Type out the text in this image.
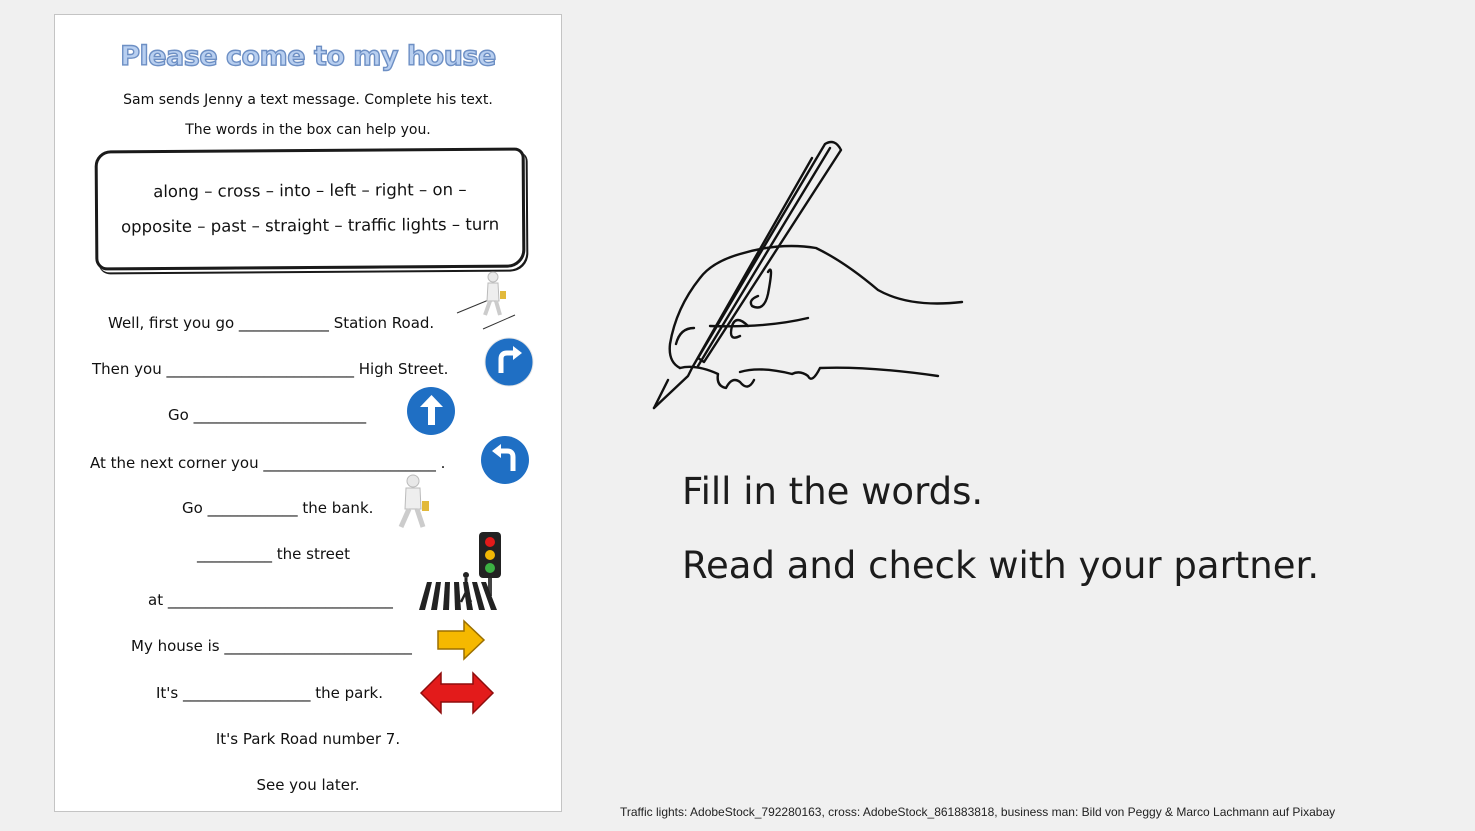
Please come to my house
Sam sends Jenny a text message. Complete his text.
The words in the box can help you.
along – cross – into – left – right – on –
opposite – past – straight – traffic lights – turn
Well, first you go ____________ Station Road.
Then you _________________________ High Street.
Go _______________________
At the next corner you _______________________ .
Go ____________ the bank.
__________ the street
at ______________________________
My house is _________________________
It's _________________ the park.
It's Park Road number 7.
See you later.
Fill in the words.
Read and check with your partner.
Traffic lights: AdobeStock_792280163, cross: AdobeStock_861883818, business man: Bild von Peggy & Marco Lachmann auf Pixabay
